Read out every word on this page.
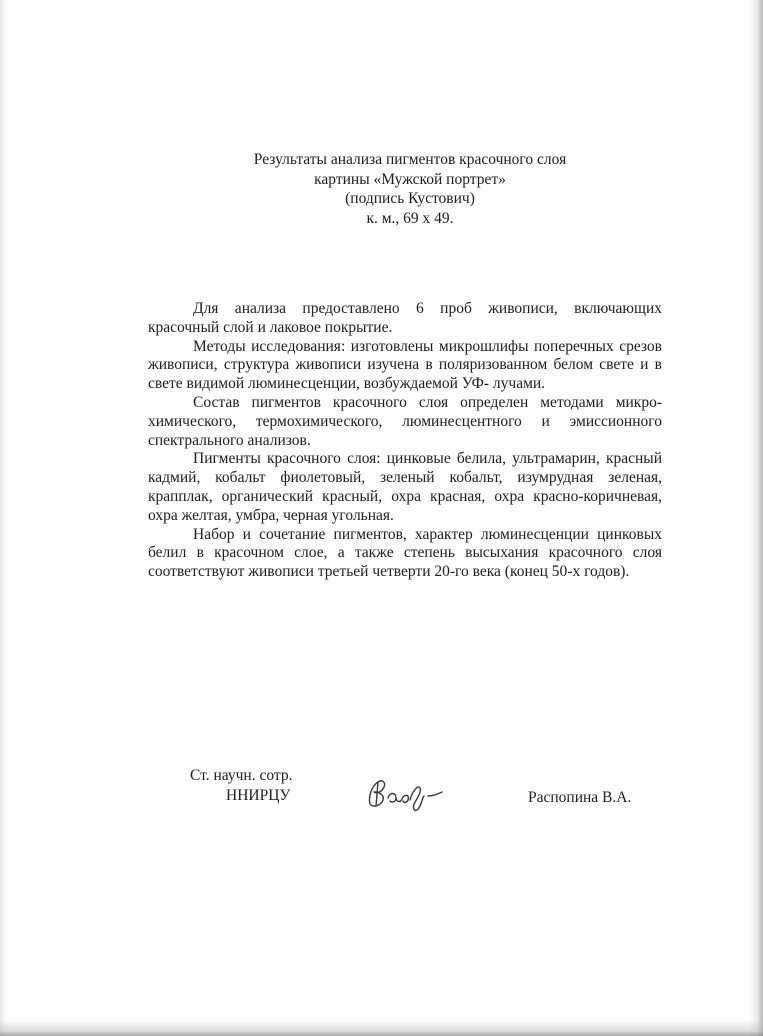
Результаты анализа пигментов красочного слоя
картины «Мужской портрет»
(подпись Кустович)
к. м., 69 х 49.

Для анализа предоставлено 6 проб живописи, включающих красочный слой и лаковое покрытие.

Методы исследования: изготовлены микрошлифы поперечных срезов живописи, структура живописи изучена в поляризованном белом свете и в свете видимой люминесценции, возбуждаемой УФ- лучами.

Состав пигментов красочного слоя определен методами микро-химического, термохимического, люминесцентного и эмиссионного спектрального анализов.

Пигменты красочного слоя: цинковые белила, ультрамарин, красный кадмий, кобальт фиолетовый, зеленый кобальт, изумрудная зеленая, крапплак, органический красный, охра красная, охра красно-коричневая, охра желтая, умбра, черная угольная.

Набор и сочетание пигментов, характер люминесценции цинковых белил в красочном слое, а также степень высыхания красочного слоя соответствуют живописи третьей четверти 20-го века (конец 50-х годов).

Ст. научн. сотр.
ННИРЦУ	Распопина В.А.
